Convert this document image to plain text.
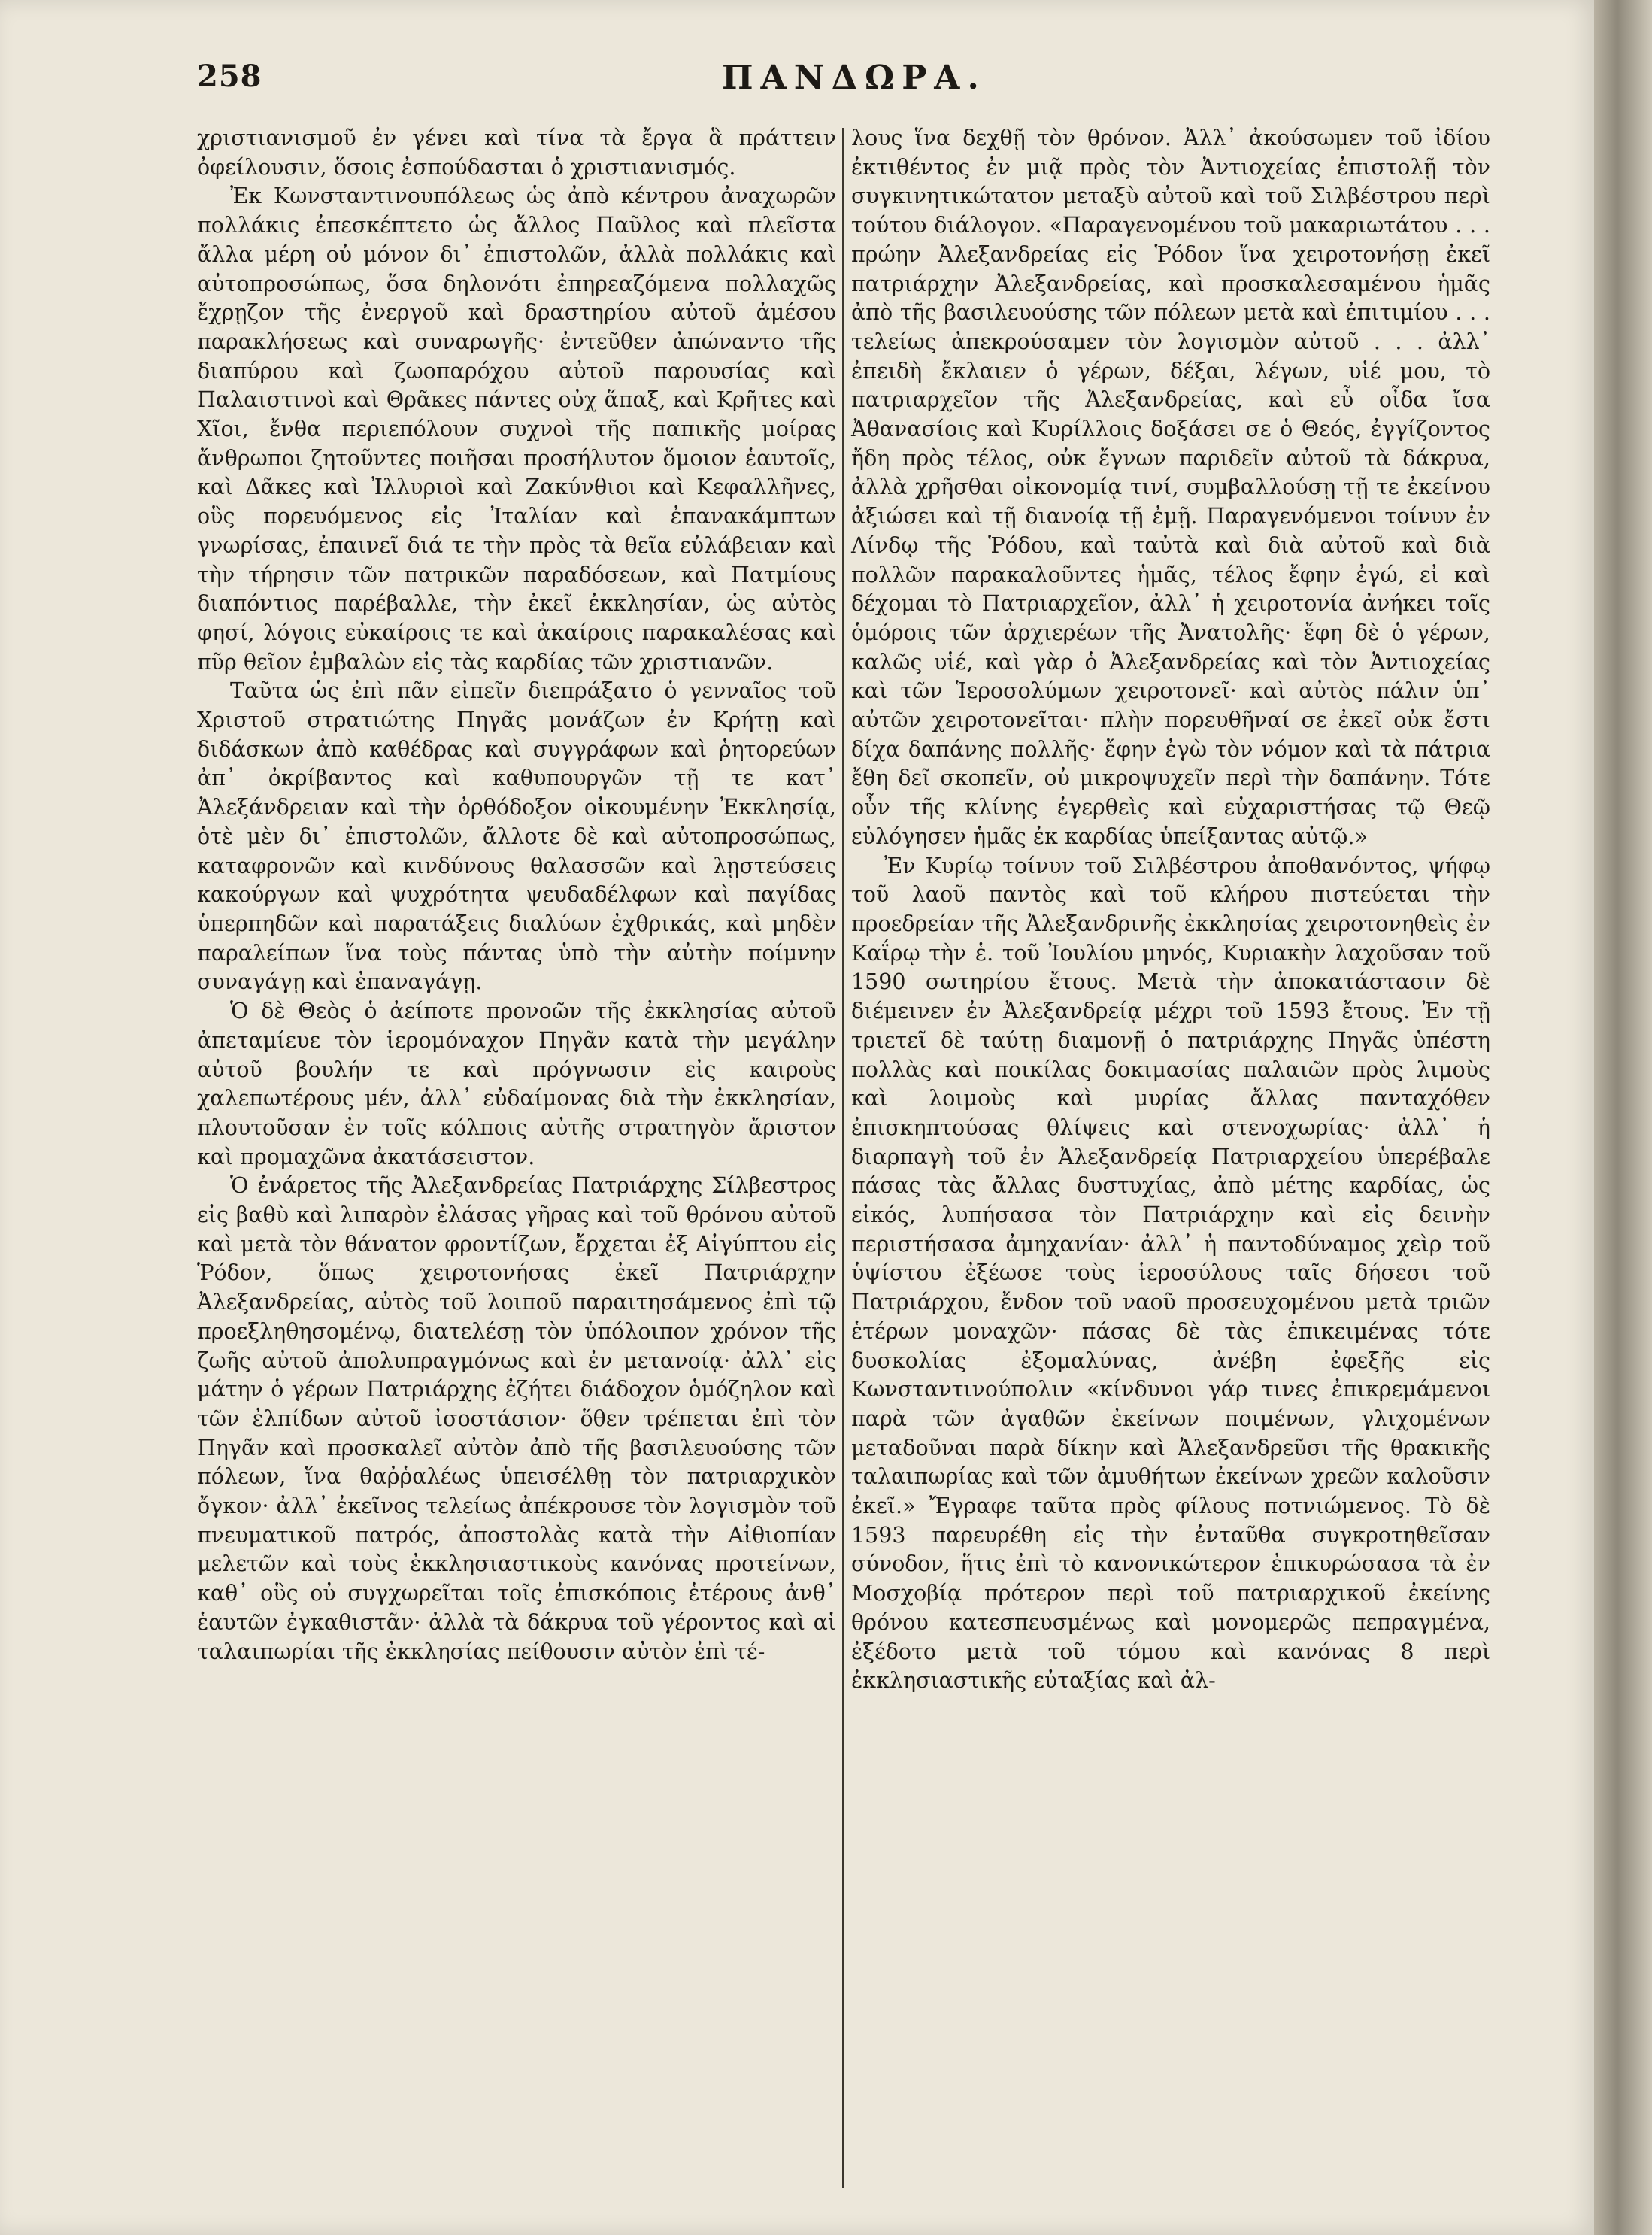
258	ΠΑΝΔΩΡΑ.

χριστιανισμοῦ ἐν γένει καὶ τίνα τὰ ἔργα ἃ πράττειν ὀφείλουσιν, ὅσοις ἐσπούδασται ὁ χριστιανισμός.

Ἐκ Κωνσταντινουπόλεως ὡς ἀπὸ κέντρου ἀναχωρῶν πολλάκις ἐπεσκέπτετο ὡς ἄλλος Παῦλος καὶ πλεῖστα ἄλλα μέρη οὐ μόνον δι᾽ ἐπιστολῶν, ἀλλὰ πολλάκις καὶ αὐτοπροσώπως, ὅσα δηλονότι ἐπηρεαζόμενα πολλαχῶς ἔχρῃζον τῆς ἐνεργοῦ καὶ δραστηρίου αὐτοῦ ἀμέσου παρακλήσεως καὶ συναρωγῆς· ἐντεῦθεν ἀπώναντο τῆς διαπύρου καὶ ζωοπαρόχου αὐτοῦ παρουσίας καὶ Παλαιστινοὶ καὶ Θρᾶκες πάντες οὐχ ἅπαξ, καὶ Κρῆτες καὶ Χῖοι, ἔνθα περιεπόλουν συχνοὶ τῆς παπικῆς μοίρας ἄνθρωποι ζητοῦντες ποιῆσαι προσήλυτον ὅμοιον ἑαυτοῖς, καὶ Δᾶκες καὶ Ἰλλυριοὶ καὶ Ζακύνθιοι καὶ Κεφαλλῆνες, οὓς πορευόμενος εἰς Ἰταλίαν καὶ ἐπανακάμπτων γνωρίσας, ἐπαινεῖ διά τε τὴν πρὸς τὰ θεῖα εὐλάβειαν καὶ τὴν τήρησιν τῶν πατρικῶν παραδόσεων, καὶ Πατμίους διαπόντιος παρέβαλλε, τὴν ἐκεῖ ἐκκλησίαν, ὡς αὐτὸς φησί, λόγοις εὐκαίροις τε καὶ ἀκαίροις παρακαλέσας καὶ πῦρ θεῖον ἐμβαλὼν εἰς τὰς καρδίας τῶν χριστιανῶν.

Ταῦτα ὡς ἐπὶ πᾶν εἰπεῖν διεπράξατο ὁ γενναῖος τοῦ Χριστοῦ στρατιώτης Πηγᾶς μονάζων ἐν Κρήτῃ καὶ διδάσκων ἀπὸ καθέδρας καὶ συγγράφων καὶ ῥητορεύων ἀπ᾽ ὀκρίβαντος καὶ καθυπουργῶν τῇ τε κατ᾽ Ἀλεξάνδρειαν καὶ τὴν ὀρθόδοξον οἰκουμένην Ἐκκλησίᾳ, ὁτὲ μὲν δι᾽ ἐπιστολῶν, ἄλλοτε δὲ καὶ αὐτοπροσώπως, καταφρονῶν καὶ κινδύνους θαλασσῶν καὶ λῃστεύσεις κακούργων καὶ ψυχρότητα ψευδαδέλφων καὶ παγίδας ὑπερπηδῶν καὶ παρατάξεις διαλύων ἐχθρικάς, καὶ μηδὲν παραλείπων ἵνα τοὺς πάντας ὑπὸ τὴν αὐτὴν ποίμνην συναγάγῃ καὶ ἐπαναγάγῃ.

Ὁ δὲ Θεὸς ὁ ἀείποτε προνοῶν τῆς ἐκκλησίας αὐτοῦ ἀπεταμίευε τὸν ἱερομόναχον Πηγᾶν κατὰ τὴν μεγάλην αὐτοῦ βουλήν τε καὶ πρόγνωσιν εἰς καιροὺς χαλεπωτέρους μέν, ἀλλ᾽ εὐδαίμονας διὰ τὴν ἐκκλησίαν, πλουτοῦσαν ἐν τοῖς κόλποις αὐτῆς στρατηγὸν ἄριστον καὶ προμαχῶνα ἀκατάσειστον.

Ὁ ἐνάρετος τῆς Ἀλεξανδρείας Πατριάρχης Σίλβεστρος εἰς βαθὺ καὶ λιπαρὸν ἐλάσας γῆρας καὶ τοῦ θρόνου αὐτοῦ καὶ μετὰ τὸν θάνατον φροντίζων, ἔρχεται ἐξ Αἰγύπτου εἰς Ῥόδον, ὅπως χειροτονήσας ἐκεῖ Πατριάρχην Ἀλεξανδρείας, αὐτὸς τοῦ λοιποῦ παραιτησάμενος ἐπὶ τῷ προεξληθησομένῳ, διατελέσῃ τὸν ὑπόλοιπον χρόνον τῆς ζωῆς αὐτοῦ ἀπολυπραγμόνως καὶ ἐν μετανοίᾳ· ἀλλ᾽ εἰς μάτην ὁ γέρων Πατριάρχης ἐζήτει διάδοχον ὁμόζηλον καὶ τῶν ἐλπίδων αὐτοῦ ἰσοστάσιον· ὅθεν τρέπεται ἐπὶ τὸν Πηγᾶν καὶ προσκαλεῖ αὐτὸν ἀπὸ τῆς βασιλευούσης τῶν πόλεων, ἵνα θαῤῥαλέως ὑπεισέλθῃ τὸν πατριαρχικὸν ὄγκον· ἀλλ᾽ ἐκεῖνος τελείως ἀπέκρουσε τὸν λογισμὸν τοῦ πνευματικοῦ πατρός, ἀποστολὰς κατὰ τὴν Αἰθιοπίαν μελετῶν καὶ τοὺς ἐκκλησιαστικοὺς κανόνας προτείνων, καθ᾽ οὓς οὐ συγχωρεῖται τοῖς ἐπισκόποις ἑτέρους ἀνθ᾽ ἑαυτῶν ἐγκαθιστᾶν· ἀλλὰ τὰ δάκρυα τοῦ γέροντος καὶ αἱ ταλαιπωρίαι τῆς ἐκκλησίας πείθουσιν αὐτὸν ἐπὶ τέ-

λους ἵνα δεχθῇ τὸν θρόνον. Ἀλλ᾽ ἀκούσωμεν τοῦ ἰδίου ἐκτιθέντος ἐν μιᾷ πρὸς τὸν Ἀντιοχείας ἐπιστολῇ τὸν συγκινητικώτατον μεταξὺ αὐτοῦ καὶ τοῦ Σιλβέστρου περὶ τούτου διάλογον. «Παραγενομένου τοῦ μακαριωτάτου . . . πρώην Ἀλεξανδρείας εἰς Ῥόδον ἵνα χειροτονήσῃ ἐκεῖ πατριάρχην Ἀλεξανδρείας, καὶ προσκαλεσαμένου ἡμᾶς ἀπὸ τῆς βασιλευούσης τῶν πόλεων μετὰ καὶ ἐπιτιμίου . . . τελείως ἀπεκρούσαμεν τὸν λογισμὸν αὐτοῦ . . . ἀλλ᾽ ἐπειδὴ ἔκλαιεν ὁ γέρων, δέξαι, λέγων, υἱέ μου, τὸ πατριαρχεῖον τῆς Ἀλεξανδρείας, καὶ εὖ οἶδα ἴσα Ἀθανασίοις καὶ Κυρίλλοις δοξάσει σε ὁ Θεός, ἐγγίζοντος ἤδη πρὸς τέλος, οὐκ ἔγνων παριδεῖν αὐτοῦ τὰ δάκρυα, ἀλλὰ χρῆσθαι οἰκονομίᾳ τινί, συμβαλλούσῃ τῇ τε ἐκείνου ἀξιώσει καὶ τῇ διανοίᾳ τῇ ἐμῇ. Παραγενόμενοι τοίνυν ἐν Λίνδῳ τῆς Ῥόδου, καὶ ταὐτὰ καὶ διὰ αὐτοῦ καὶ διὰ πολλῶν παρακαλοῦντες ἡμᾶς, τέλος ἔφην ἐγώ, εἰ καὶ δέχομαι τὸ Πατριαρχεῖον, ἀλλ᾽ ἡ χειροτονία ἀνήκει τοῖς ὁμόροις τῶν ἀρχιερέων τῆς Ἀνατολῆς· ἔφη δὲ ὁ γέρων, καλῶς υἱέ, καὶ γὰρ ὁ Ἀλεξανδρείας καὶ τὸν Ἀντιοχείας καὶ τῶν Ἱεροσολύμων χειροτονεῖ· καὶ αὐτὸς πάλιν ὑπ᾽ αὐτῶν χειροτονεῖται· πλὴν πορευθῆναί σε ἐκεῖ οὐκ ἔστι δίχα δαπάνης πολλῆς· ἔφην ἐγὼ τὸν νόμον καὶ τὰ πάτρια ἔθη δεῖ σκοπεῖν, οὐ μικροψυχεῖν περὶ τὴν δαπάνην. Τότε οὖν τῆς κλίνης ἐγερθεὶς καὶ εὐχαριστήσας τῷ Θεῷ εὐλόγησεν ἡμᾶς ἐκ καρδίας ὑπείξαντας αὐτῷ.»

Ἐν Κυρίῳ τοίνυν τοῦ Σιλβέστρου ἀποθανόντος, ψήφῳ τοῦ λαοῦ παντὸς καὶ τοῦ κλήρου πιστεύεται τὴν προεδρείαν τῆς Ἀλεξανδρινῆς ἐκκλησίας χειροτονηθεὶς ἐν Καΐρῳ τὴν ἑ. τοῦ Ἰουλίου μηνός, Κυριακὴν λαχοῦσαν τοῦ 1590 σωτηρίου ἔτους. Μετὰ τὴν ἀποκατάστασιν δὲ διέμεινεν ἐν Ἀλεξανδρείᾳ μέχρι τοῦ 1593 ἔτους. Ἐν τῇ τριετεῖ δὲ ταύτῃ διαμονῇ ὁ πατριάρχης Πηγᾶς ὑπέστη πολλὰς καὶ ποικίλας δοκιμασίας παλαιῶν πρὸς λιμοὺς καὶ λοιμοὺς καὶ μυρίας ἄλλας πανταχόθεν ἐπισκηπτούσας θλίψεις καὶ στενοχωρίας· ἀλλ᾽ ἡ διαρπαγὴ τοῦ ἐν Ἀλεξανδρείᾳ Πατριαρχείου ὑπερέβαλε πάσας τὰς ἄλλας δυστυχίας, ἀπὸ μέτης καρδίας, ὡς εἰκός, λυπήσασα τὸν Πατριάρχην καὶ εἰς δεινὴν περιστήσασα ἀμηχανίαν· ἀλλ᾽ ἡ παντοδύναμος χεὶρ τοῦ ὑψίστου ἐξέωσε τοὺς ἱεροσύλους ταῖς δήσεσι τοῦ Πατριάρχου, ἔνδον τοῦ ναοῦ προσευχομένου μετὰ τριῶν ἑτέρων μοναχῶν· πάσας δὲ τὰς ἐπικειμένας τότε δυσκολίας ἐξομαλύνας, ἀνέβη ἐφεξῆς εἰς Κωνσταντινούπολιν «κίνδυνοι γάρ τινες ἐπικρεμάμενοι παρὰ τῶν ἀγαθῶν ἐκείνων ποιμένων, γλιχομένων μεταδοῦναι παρὰ δίκην καὶ Ἀλεξανδρεῦσι τῆς θρακικῆς ταλαιπωρίας καὶ τῶν ἀμυθήτων ἐκείνων χρεῶν καλοῦσιν ἐκεῖ.» Ἔγραφε ταῦτα πρὸς φίλους ποτνιώμενος. Τὸ δὲ 1593 παρευρέθη εἰς τὴν ἐνταῦθα συγκροτηθεῖσαν σύνοδον, ἥτις ἐπὶ τὸ κανονικώτερον ἐπικυρώσασα τὰ ἐν Μοσχοβίᾳ πρότερον περὶ τοῦ πατριαρχικοῦ ἐκείνης θρόνου κατεσπευσμένως καὶ μονομερῶς πεπραγμένα, ἐξέδοτο μετὰ τοῦ τόμου καὶ κανόνας 8 περὶ ἐκκλησιαστικῆς εὐταξίας καὶ ἀλ-
